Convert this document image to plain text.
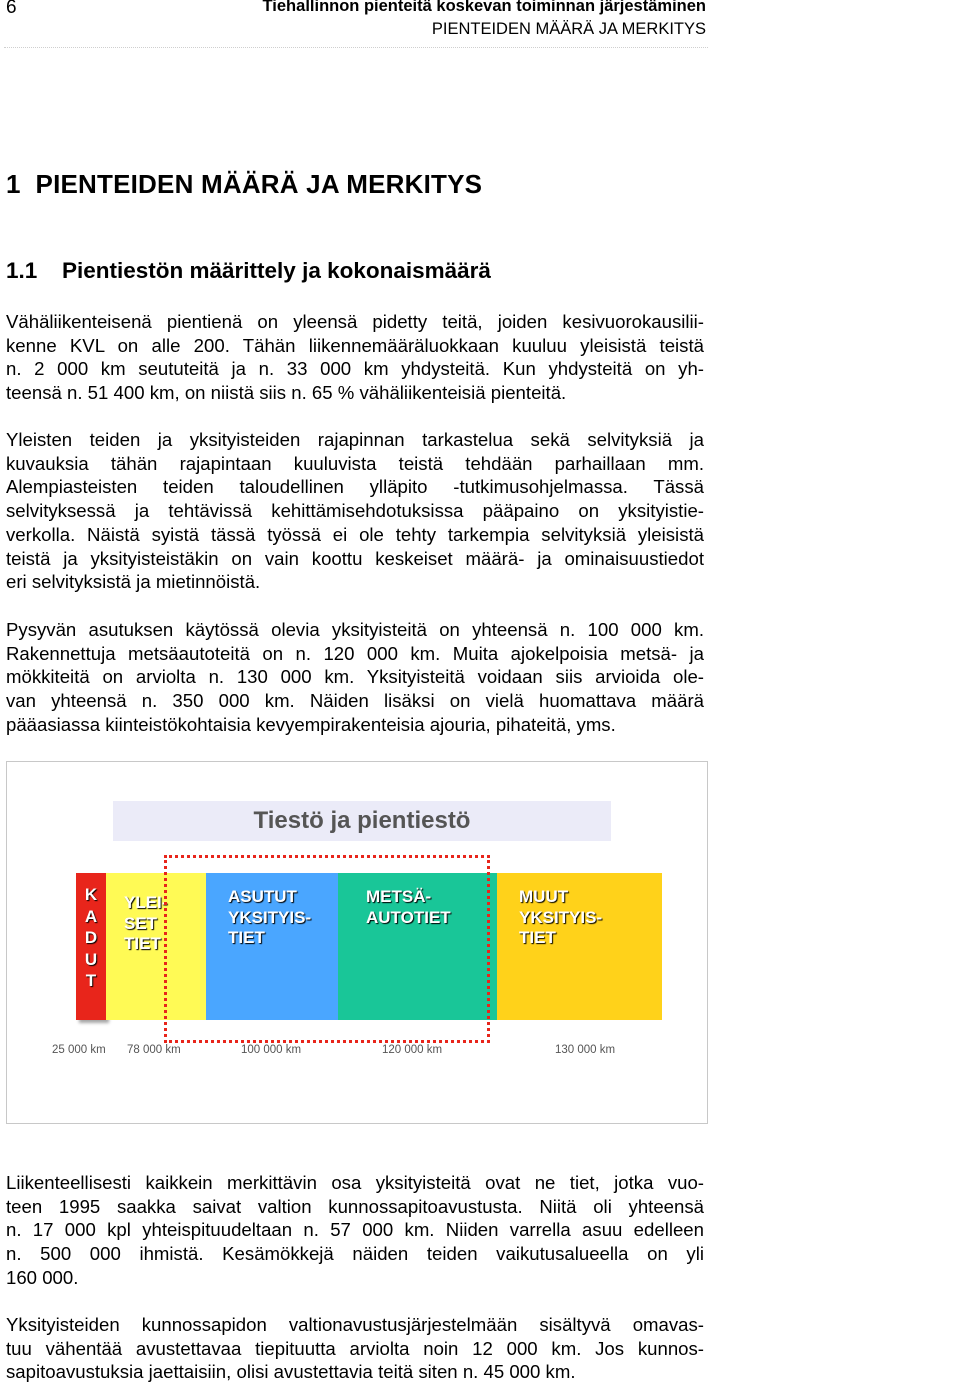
6	Tiehallinnon pienteitä koskevan toiminnan järjestäminen
PIENTEIDEN MÄÄRÄ JA MERKITYS
1 PIENTEIDEN MÄÄRÄ JA MERKITYS
1.1 Pientiestön määrittely ja kokonaismäärä
Vähäliikenteisenä pientienä on yleensä pidetty teitä, joiden kesivuorokausilii-
kenne KVL on alle 200. Tähän liikennemääräluokkaan kuuluu yleisistä teistä
n. 2 000 km seututeitä ja n. 33 000 km yhdysteitä. Kun yhdysteitä on yh-
teensä n. 51 400 km, on niistä siis n. 65 % vähäliikenteisiä pienteitä.
Yleisten teiden ja yksityisteiden rajapinnan tarkastelua sekä selvityksiä ja
kuvauksia tähän rajapintaan kuuluvista teistä tehdään parhaillaan mm.
Alempiasteisten teiden taloudellinen ylläpito -tutkimusohjelmassa. Tässä
selvityksessä ja tehtävissä kehittämisehdotuksissa pääpaino on yksityistie-
verkolla. Näistä syistä tässä työssä ei ole tehty tarkempia selvityksiä yleisistä
teistä ja yksityisteistäkin on vain koottu keskeiset määrä- ja ominaisuustiedot
eri selvityksistä ja mietinnöistä.
Pysyvän asutuksen käytössä olevia yksityisteitä on yhteensä n. 100 000 km.
Rakennettuja metsäautoteitä on n. 120 000 km. Muita ajokelpoisia metsä- ja
mökkiteitä on arviolta n. 130 000 km. Yksityisteitä voidaan siis arvioida ole-
van yhteensä n. 350 000 km. Näiden lisäksi on vielä huomattava määrä
pääasiassa kiinteistökohtaisia kevyempirakenteisia ajouria, pihateitä, yms.
Tiestö ja pientiestö
K
A
D
U
T
YLEI-
SET
TIET
ASUTUT
YKSITYIS-
TIET
METSÄ-
AUTOTIET
MUUT
YKSITYIS-
TIET
25 000 km 78 000 km	100 000 km	120 000 km	130 000 km
Liikenteellisesti kaikkein merkittävin osa yksityisteitä ovat ne tiet, jotka vuo-
teen 1995 saakka saivat valtion kunnossapitoavustusta. Niitä oli yhteensä
n. 17 000 kpl yhteispituudeltaan n. 57 000 km. Niiden varrella asuu edelleen
n. 500 000 ihmistä. Kesämökkejä näiden teiden vaikutusalueella on yli
160 000.
Yksityisteiden kunnossapidon valtionavustusjärjestelmään sisältyvä omavas-
tuu vähentää avustettavaa tiepituutta arviolta noin 12 000 km. Jos kunnos-
sapitoavustuksia jaettaisiin, olisi avustettavia teitä siten n. 45 000 km.
